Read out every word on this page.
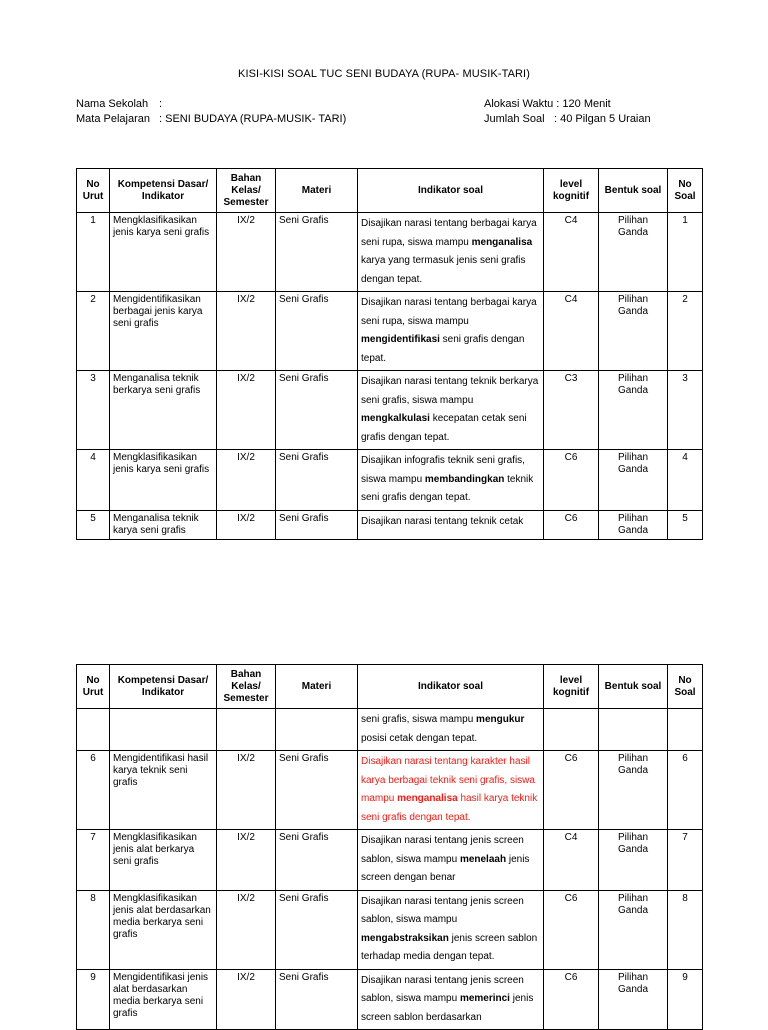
KISI-KISI SOAL TUC SENI BUDAYA (RUPA- MUSIK-TARI)
Nama Sekolah :
Mata Pelajaran : SENI BUDAYA (RUPA-MUSIK- TARI)
Alokasi Waktu : 120 Menit
Jumlah Soal : 40 Pilgan 5 Uraian
No Urut	Kompetensi Dasar/ Indikator	Bahan Kelas/ Semester	Materi	Indikator soal	level kognitif	Bentuk soal	No Soal
1	Mengklasifikasikan jenis karya seni grafis	IX/2	Seni Grafis	Disajikan narasi tentang berbagai karya seni rupa, siswa mampu menganalisa karya yang termasuk jenis seni grafis dengan tepat.	C4	Pilihan Ganda	1
2	Mengidentifikasikan berbagai jenis karya seni grafis	IX/2	Seni Grafis	Disajikan narasi tentang berbagai karya seni rupa, siswa mampu mengidentifikasi seni grafis dengan tepat.	C4	Pilihan Ganda	2
3	Menganalisa teknik berkarya seni grafis	IX/2	Seni Grafis	Disajikan narasi tentang teknik berkarya seni grafis, siswa mampu mengkalkulasi kecepatan cetak seni grafis dengan tepat.	C3	Pilihan Ganda	3
4	Mengklasifikasikan jenis karya seni grafis	IX/2	Seni Grafis	Disajikan infografis teknik seni grafis, siswa mampu membandingkan teknik seni grafis dengan tepat.	C6	Pilihan Ganda	4
5	Menganalisa teknik karya seni grafis	IX/2	Seni Grafis	Disajikan narasi tentang teknik cetak	C6	Pilihan Ganda	5
No Urut	Kompetensi Dasar/ Indikator	Bahan Kelas/ Semester	Materi	Indikator soal	level kognitif	Bentuk soal	No Soal
				seni grafis, siswa mampu mengukur posisi cetak dengan tepat.			
6	Mengidentifikasi hasil karya teknik seni grafis	IX/2	Seni Grafis	Disajikan narasi tentang karakter hasil karya berbagai teknik seni grafis, siswa mampu menganalisa hasil karya teknik seni grafis dengan tepat.	C6	Pilihan Ganda	6
7	Mengklasifikasikan jenis alat berkarya seni grafis	IX/2	Seni Grafis	Disajikan narasi tentang jenis screen sablon, siswa mampu menelaah jenis screen dengan benar	C4	Pilihan Ganda	7
8	Mengklasifikasikan jenis alat berdasarkan media berkarya seni grafis	IX/2	Seni Grafis	Disajikan narasi tentang jenis screen sablon, siswa mampu mengabstraksikan jenis screen sablon terhadap media dengan tepat.	C6	Pilihan Ganda	8
9	Mengidentifikasi jenis alat berdasarkan media berkarya seni grafis	IX/2	Seni Grafis	Disajikan narasi tentang jenis screen sablon, siswa mampu memerinci jenis screen sablon berdasarkan	C6	Pilihan Ganda	9
